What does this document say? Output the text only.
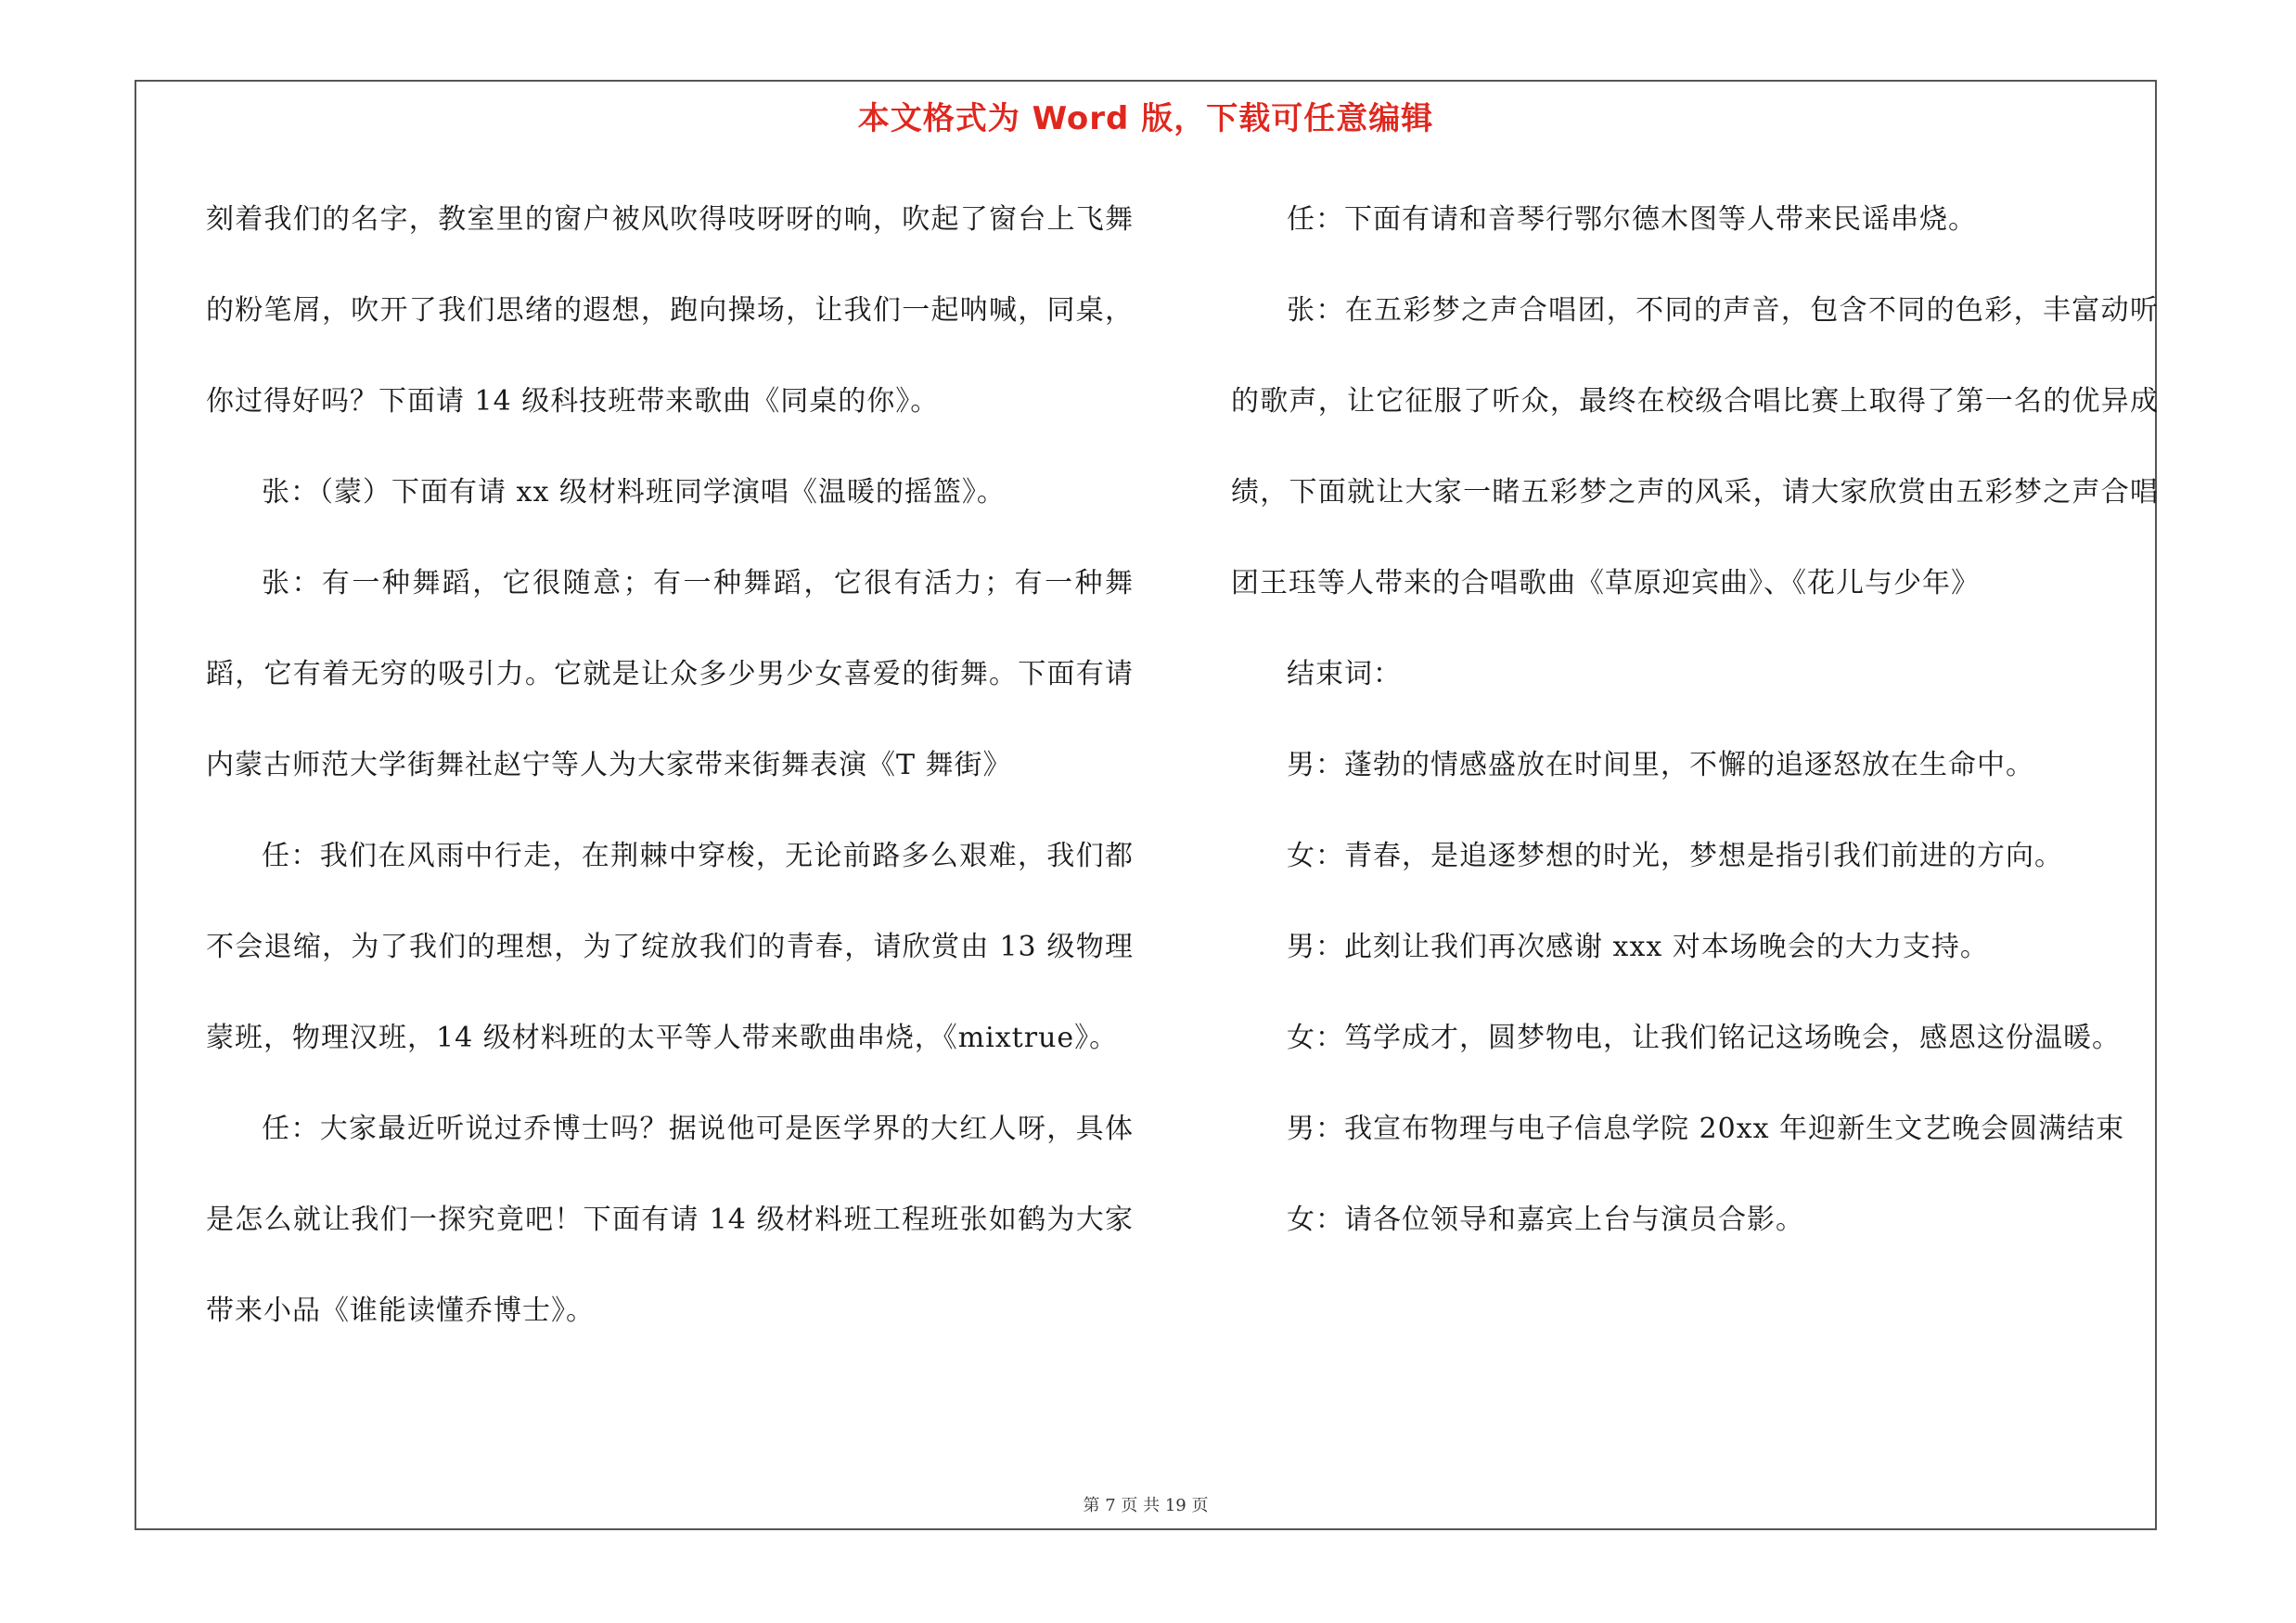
本文格式为 Word 版，下载可任意编辑

刻着我们的名字，教室里的窗户被风吹得吱呀呀的响，吹起了窗台上飞舞的粉笔屑，吹开了我们思绪的遐想，跑向操场，让我们一起呐喊，同桌，你过得好吗？下面请 14 级科技班带来歌曲《同桌的你》。

张：（蒙）下面有请 xx 级材料班同学演唱《温暖的摇篮》。

张：有一种舞蹈，它很随意；有一种舞蹈，它很有活力；有一种舞蹈，它有着无穷的吸引力。它就是让众多少男少女喜爱的街舞。下面有请内蒙古师范大学街舞社赵宁等人为大家带来街舞表演《T 舞街》

任：我们在风雨中行走，在荆棘中穿梭，无论前路多么艰难，我们都不会退缩，为了我们的理想，为了绽放我们的青春，请欣赏由 13 级物理蒙班，物理汉班，14 级材料班的太平等人带来歌曲串烧，《mixtrue》。

任：大家最近听说过乔博士吗？据说他可是医学界的大红人呀，具体是怎么就让我们一探究竟吧！下面有请 14 级材料班工程班张如鹤为大家带来小品《谁能读懂乔博士》。

任：下面有请和音琴行鄂尔德木图等人带来民谣串烧。

张：在五彩梦之声合唱团，不同的声音，包含不同的色彩，丰富动听的歌声，让它征服了听众，最终在校级合唱比赛上取得了第一名的优异成绩，下面就让大家一睹五彩梦之声的风采，请大家欣赏由五彩梦之声合唱团王珏等人带来的合唱歌曲《草原迎宾曲》、《花儿与少年》

结束词：

男：蓬勃的情感盛放在时间里，不懈的追逐怒放在生命中。

女：青春，是追逐梦想的时光，梦想是指引我们前进的方向。

男：此刻让我们再次感谢 xxx 对本场晚会的大力支持。

女：笃学成才，圆梦物电，让我们铭记这场晚会，感恩这份温暖。

男：我宣布物理与电子信息学院 20xx 年迎新生文艺晚会圆满结束

女：请各位领导和嘉宾上台与演员合影。

第 7 页 共 19 页
